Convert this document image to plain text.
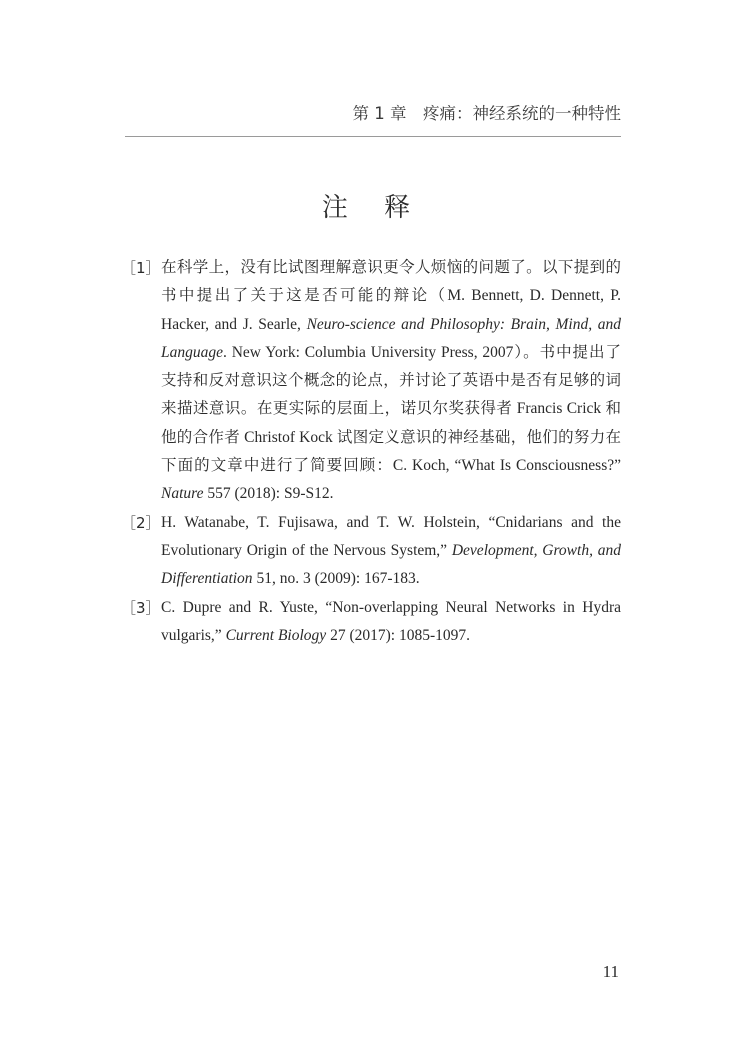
第 1 章　疼痛：神经系统的一种特性
注 释
［1］ 在科学上，没有比试图理解意识更令人烦恼的问题了。以下提到的书中提出了关于这是否可能的辩论（M. Bennett, D. Dennett, P. Hacker, and J. Searle, Neuro-science and Philosophy: Brain, Mind, and Language. New York: Columbia University Press, 2007）。书中提出了支持和反对意识这个概念的论点，并讨论了英语中是否有足够的词来描述意识。在更实际的层面上，诺贝尔奖获得者 Francis Crick 和他的合作者 Christof Kock 试图定义意识的神经基础，他们的努力在下面的文章中进行了简要回顾：C. Koch, “What Is Consciousness?” Nature 557 (2018): S9-S12.
［2］ H. Watanabe, T. Fujisawa, and T. W. Holstein, “Cnidarians and the Evolutionary Origin of the Nervous System,” Development, Growth, and Differentiation 51, no. 3 (2009): 167-183.
［3］ C. Dupre and R. Yuste, “Non-overlapping Neural Networks in Hydra vulgaris,” Current Biology 27 (2017): 1085-1097.
11
